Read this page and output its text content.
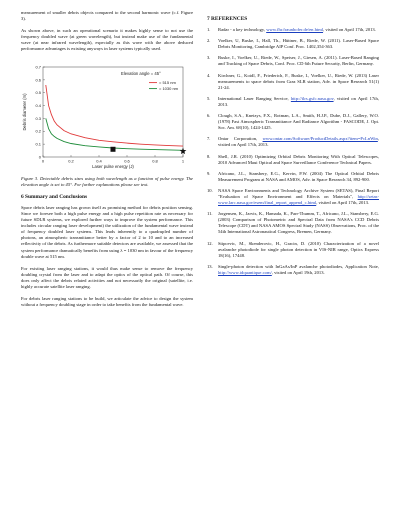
measurement of smaller debris objects compared to the second harmonic wave (c.f. Figure 3).

As shown above, in such an operational scenario it makes highly sense to not use the frequency doubled wave (at green wavelength), but instead make use of the fundamental wave (at near infrared wavelength), especially as this wave with the above deduced performance advantages is existing anyways in laser systems typically used.

0
0.1
0.2
0.3
0.4
0.5
0.6
0.7
0	0.2	0.4	0.6	0.8	1
Laser pulse energy (J)
Debris diameter (m)
Elevation angle = 45°
= 515 nm
= 1030 nm

Figure 3. Detectable debris sizes using both wavelength as a function of pulse energy. The elevation angle is set to 45°. For further explanations please see text.

6 Summary and Conclusions

Space debris laser ranging has grown itself as promising method for debris position sensing. Since we foresee both a high pulse energy and a high pulse repetition rate as necessary for future SDLR systems, we explored further ways to improve the system performance. This includes circular ranging laser development) the utilization of the fundamental wave instead of frequency doubled laser systems. This leads inherently to a quadrupled number of photons, an atmospheric transmittance better by a factor of 2 to 10 and to an increased reflectivity of the debris. As furthermore suitable detectors are available, we assessed that the system performance dramatically benefits from using λ = 1030 nm in favour of the frequency double wave at 515 nm.

For existing laser ranging stations, it would thus make sense to remove the frequency doubling crystal from the laser and to adapt the optics of the optical path. Of course, this does only affect the debris related activities and not necessarily the original (satellite, i.e. highly accurate satellite laser ranging.

For debris laser ranging stations to be build, we articulate the advice to design the system without a frequency doubling stage in order to take benefits from the fundamental wave.

7 REFERENCES
1.	Radar - a key technology, www.fhr.fraunhofer.de/en.html, visited on April 17th, 2013.
2.	Voelker, U, Buske, I., Hall, Th., Hüttner, B., Riede, W. (2011). Laser-Based Space Debris Monitoring, Cambridge AIP Conf. Proc. 1402,354-363.
3.	Buske, I., Voelker, U., Riede, W., Speiser, J., Giesen, A. (2011). Laser-Based Ranging and Tracking of Space Debris, Conf. Proc. CD 6th Future Security, Berlin, Germany.
4.	Kirchner, G., Koidl, F., Friederich, F., Buske, I., Voelker, U., Riede, W. (2013) Laser measurements to space debris from Graz SLR station, Adv. in Space Research 51(1) 21-24.
5.	International Laser Ranging Service, http://ilrs.gsfc.nasa.gov, visited on April 17th, 2013.
6.	Clough, S.A., Kneizys, F.X., Rotman, L.A., Smith, H.J.P., Dube, D.J., Gallery, W.O. (1978) Fast Atmospheric Transmittance And Radiance Algorithm - FASCODE, J. Opt. Soc. Am. 68(10), 1424-1425.
7.	Ontar Corporation, www.ontar.com/Software/ProductDetails.aspx?item=PcLnWin, visited on April 17th, 2013.
8.	Shell, J.R. (2010) Optimizing Orbital Debris Monitoring With Optical Telescopes, 2010 Advanced Maui Optical and Space Surveillance Conference Technical Papers.
9.	Africano, J.L., Stansbery, E.G., Kervin, P.W. (2004) The Optical Orbital Debris Measurement Program at NASA and AMOS, Adv. in Space Research 34, 892-900.
10.	NASA Space Environments and Technology Archive System (SETAS), Final Report "Evaluation of Space Environment and Effects on Materials", http://setas-www.larc.nasa.gov/esem/final_report_append_c.html, visited on April 17th, 2013.
11.	Jorgensen, K., Jarvis, K., Hamada, K., Parr-Thumm, T., Africano, J.L., Stansbery, E.G. (2003) Comparison of Photometric and Spectral Data from NASA's CCD Debris Telescope (CDT) and NASA AMOS Spectral Study (NASS) Observations, Proc. of the 54th International Astronautical Congress, Bremen, Germany.
12.	Stipcevic, M., Skenderovic, H., Gracin, D. (2010) Characterization of a novel avalanche photodiode for single photon detection in VIS-NIR range, Optics Express 18(16), 17448.
13.	Single-photon detection with InGaAs/InP avalanche photodiodes, Application Note, http://www.idquantique.com/, visited on April 19th, 2013.
